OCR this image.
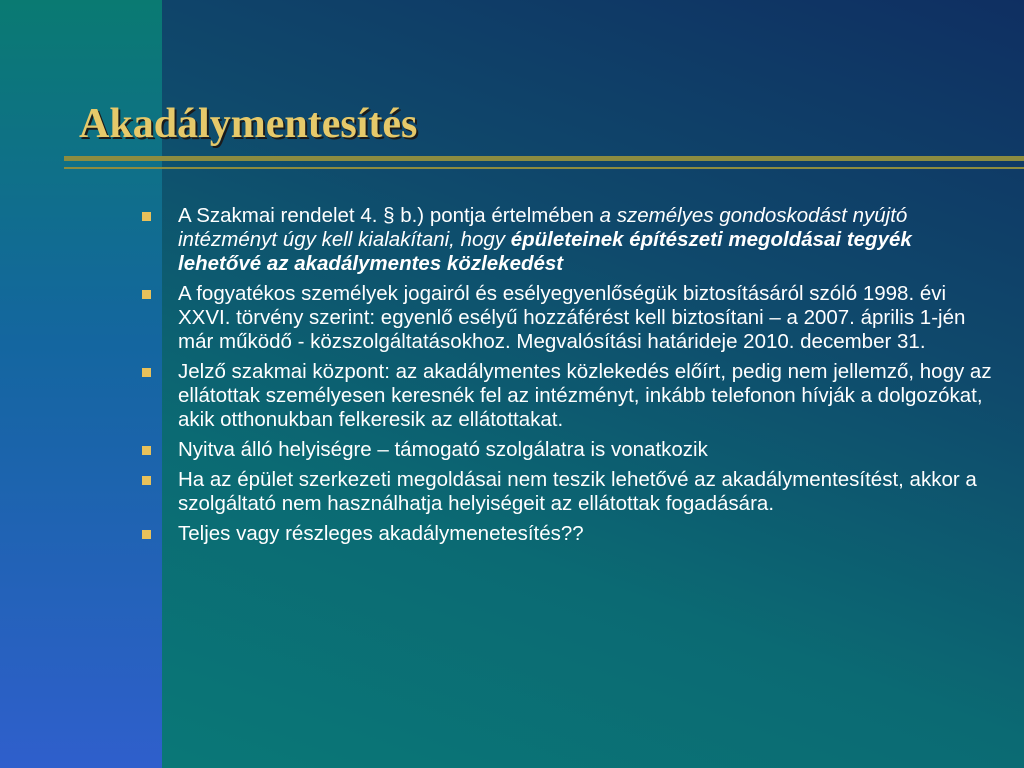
Akadálymentesítés
A Szakmai rendelet 4. § b.) pontja értelmében a személyes gondoskodást nyújtó intézményt úgy kell kialakítani, hogy épületeinek építészeti megoldásai tegyék lehetővé az akadálymentes közlekedést
A fogyatékos személyek jogairól és esélyegyenlőségük biztosításáról szóló 1998. évi XXVI. törvény szerint: egyenlő esélyű hozzáférést kell biztosítani – a 2007. április 1-jén már működő - közszolgáltatásokhoz. Megvalósítási határideje 2010. december 31.
Jelző szakmai központ: az akadálymentes közlekedés előírt, pedig nem jellemző, hogy az ellátottak személyesen keresnék fel az intézményt, inkább telefonon hívják a dolgozókat, akik otthonukban felkeresik az ellátottakat.
Nyitva álló helyiségre – támogató szolgálatra is vonatkozik
Ha az épület szerkezeti megoldásai nem teszik lehetővé az akadálymentesítést, akkor a szolgáltató nem használhatja helyiségeit az ellátottak fogadására.
Teljes vagy részleges akadálymenetesítés??
